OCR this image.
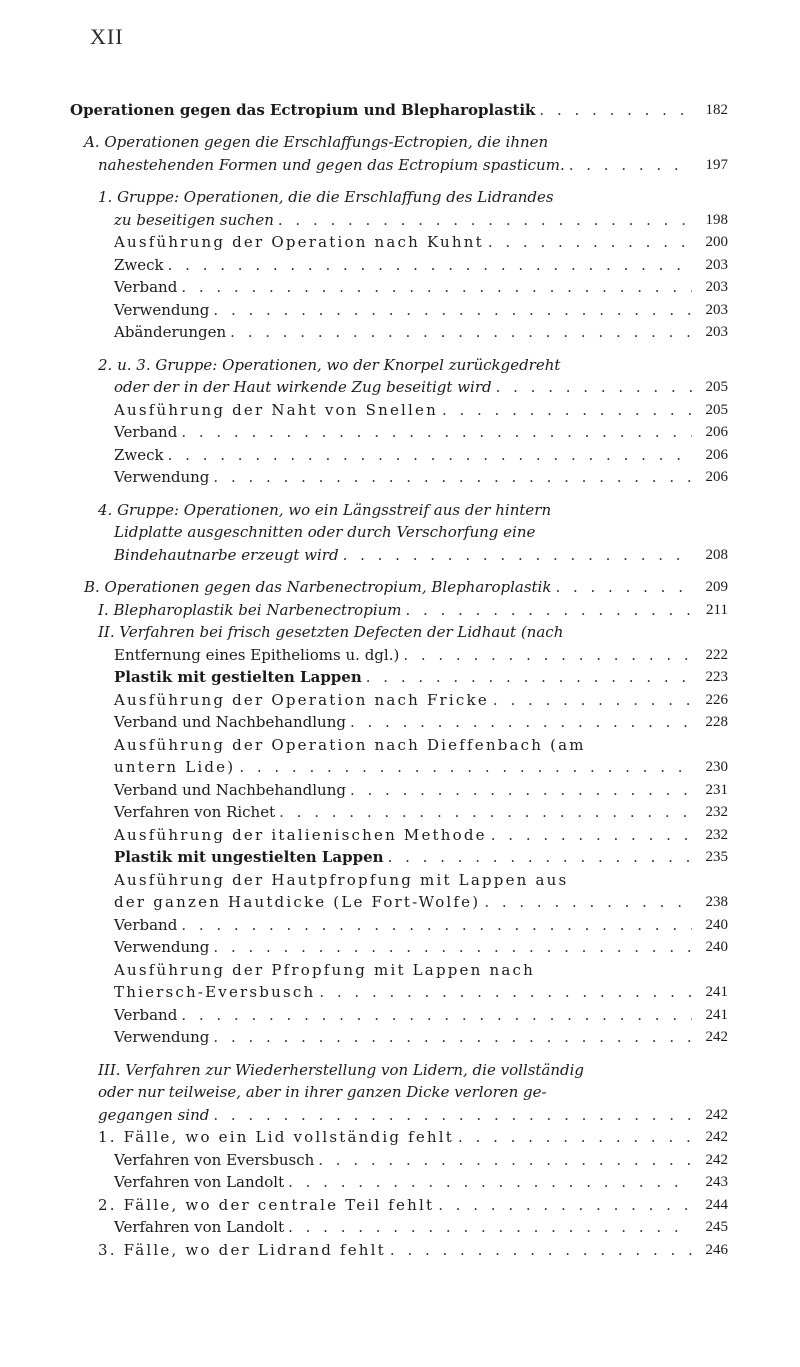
XII
Operationen gegen das Ectropium und Blepharoplastik . . .	182
A. Operationen gegen die Erschlaffungs-Ectropien, die ihnen
nahestehenden Formen und gegen das Ectropium spasticum. . . .	197
1. Gruppe: Operationen, die die Erschlaffung des Lidrandes
zu beseitigen suchen . . .	198
Ausführung der Operation nach Kuhnt . . .	200
Zweck . . .	203
Verband . . .	203
Verwendung . . .	203
Abänderungen . . .	203
2. u. 3. Gruppe: Operationen, wo der Knorpel zurückgedreht
oder der in der Haut wirkende Zug beseitigt wird . . .	205
Ausführung der Naht von Snellen . . .	205
Verband . . .	206
Zweck . . .	206
Verwendung . . .	206
4. Gruppe: Operationen, wo ein Längsstreif aus der hintern
Lidplatte ausgeschnitten oder durch Verschorfung eine
Bindehautnarbe erzeugt wird . . .	208
B. Operationen gegen das Narbenectropium, Blepharoplastik . . .	209
I. Blepharoplastik bei Narbenectropium . . .	211
II. Verfahren bei frisch gesetzten Defecten der Lidhaut (nach
Entfernung eines Epithelioms u. dgl.) . . .	222
Plastik mit gestielten Lappen . . .	223
Ausführung der Operation nach Fricke . . .	226
Verband und Nachbehandlung . . .	228
Ausführung der Operation nach Dieffenbach (am
untern Lide) . . .	230
Verband und Nachbehandlung . . .	231
Verfahren von Richet . . .	232
Ausführung der italienischen Methode . . .	232
Plastik mit ungestielten Lappen . . .	235
Ausführung der Hautpfropfung mit Lappen aus
der ganzen Hautdicke (Le Fort-Wolfe) . . .	238
Verband . . .	240
Verwendung . . .	240
Ausführung der Pfropfung mit Lappen nach
Thiersch-Eversbusch . . .	241
Verband . . .	241
Verwendung . . .	242
III. Verfahren zur Wiederherstellung von Lidern, die vollständig
oder nur teilweise, aber in ihrer ganzen Dicke verloren ge-
gegangen sind . . .	242
1. Fälle, wo ein Lid vollständig fehlt . . .	242
Verfahren von Eversbusch . . .	242
Verfahren von Landolt . . .	243
2. Fälle, wo der centrale Teil fehlt . . .	244
Verfahren von Landolt . . .	245
3. Fälle, wo der Lidrand fehlt . . .	246
